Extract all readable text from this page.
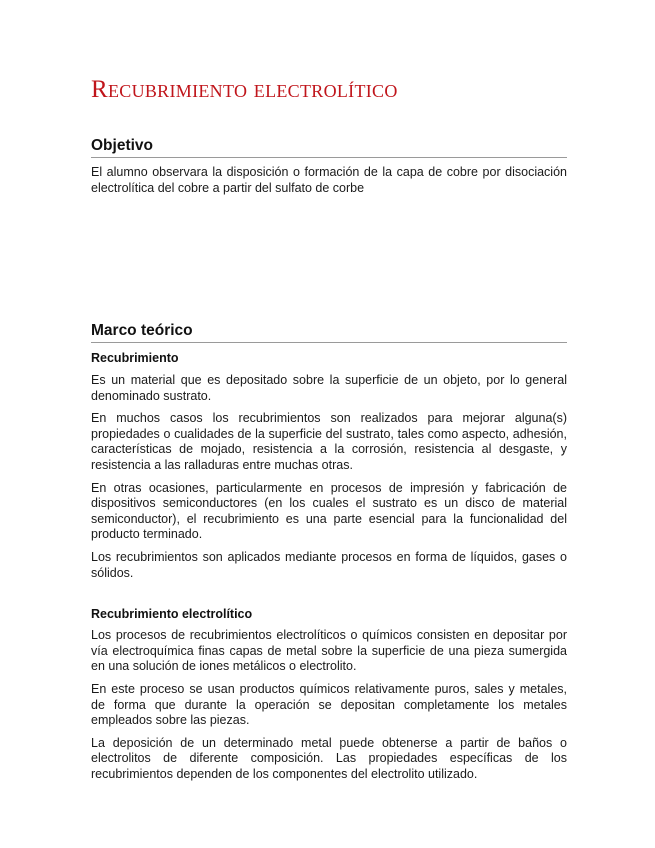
Recubrimiento electrolítico
Objetivo

El alumno observara la disposición o formación de la capa de cobre por disociación electrolítica del cobre a partir del sulfato de corbe

Marco teórico
Recubrimiento

Es un material que es depositado sobre la superficie de un objeto, por lo general denominado sustrato.

En muchos casos los recubrimientos son realizados para mejorar alguna(s) propiedades o cualidades de la superficie del sustrato, tales como aspecto, adhesión, características de mojado, resistencia a la corrosión, resistencia al desgaste, y resistencia a las ralladuras entre muchas otras.

En otras ocasiones, particularmente en procesos de impresión y fabricación de dispositivos semiconductores (en los cuales el sustrato es un disco de material semiconductor), el recubrimiento es una parte esencial para la funcionalidad del producto terminado.

Los recubrimientos son aplicados mediante procesos en forma de líquidos, gases o sólidos.

Recubrimiento electrolítico

Los procesos de recubrimientos electrolíticos o químicos consisten en depositar por vía electroquímica finas capas de metal sobre la superficie de una pieza sumergida en una solución de iones metálicos o electrolito.

En este proceso se usan productos químicos relativamente puros, sales y metales, de forma que durante la operación se depositan completamente los metales empleados sobre las piezas.

La deposición de un determinado metal puede obtenerse a partir de baños o electrolitos de diferente composición. Las propiedades específicas de los recubrimientos dependen de los componentes del electrolito utilizado.
